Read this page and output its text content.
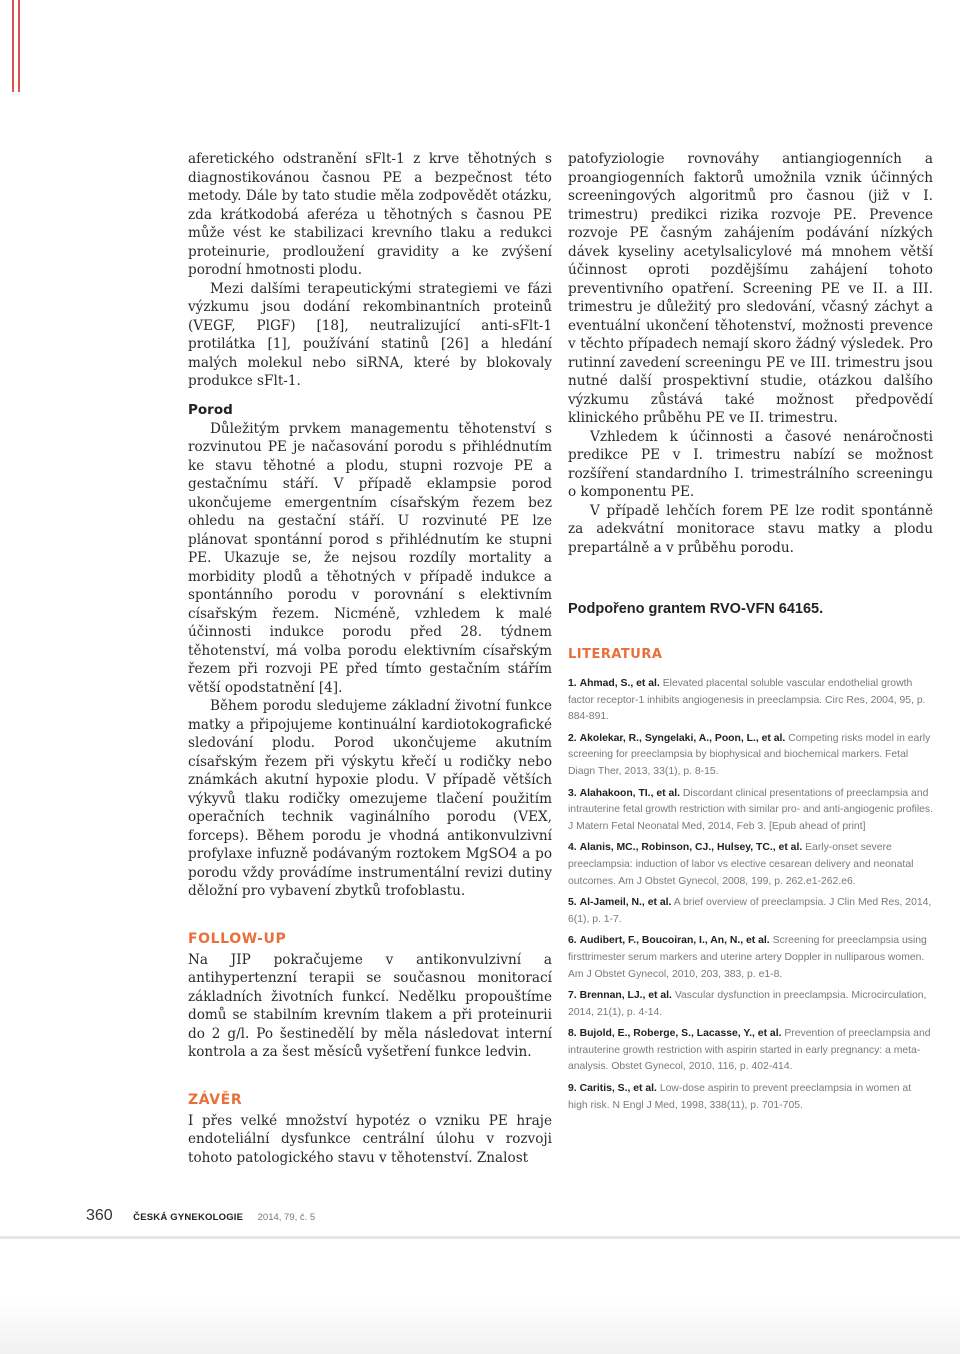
aferetického odstranění sFlt-1 z krve těhotných s diagnostikovánou časnou PE a bezpečnost této metody. Dále by tato studie měla zodpovědět otázku, zda krátkodobá aferéza u těhotných s časnou PE může vést ke stabilizaci krevního tlaku a redukci proteinurie, prodloužení gravidity a ke zvýšení porodní hmotnosti plodu.

Mezi dalšími terapeutickými strategiemi ve fázi výzkumu jsou dodání rekombinantních proteinů (VEGF, PlGF) [18], neutralizující anti-sFlt-1 protilátka [1], používání statinů [26] a hledání malých molekul nebo siRNA, které by blokovaly produkce sFlt-1.

Porod

Důležitým prvkem managementu těhotenství s rozvinutou PE je načasování porodu s přihlédnutím ke stavu těhotné a plodu, stupni rozvoje PE a gestačnímu stáří. V případě eklampsie porod ukončujeme emergentním císařským řezem bez ohledu na gestační stáří. U rozvinuté PE lze plánovat spontánní porod s přihlédnutím ke stupni PE. Ukazuje se, že nejsou rozdíly mortality a morbidity plodů a těhotných v případě indukce a spontánního porodu v porovnání s elektivním císařským řezem. Nicméně, vzhledem k malé účinnosti indukce porodu před 28. týdnem těhotenství, má volba porodu elektivním císařským řezem při rozvoji PE před tímto gestačním stářím větší opodstatnění [4].

Během porodu sledujeme základní životní funkce matky a připojujeme kontinuální kardiotokografické sledování plodu. Porod ukončujeme akutním císařským řezem při výskytu křečí u rodičky nebo známkách akutní hypoxie plodu. V případě větších výkyvů tlaku rodičky omezujeme tlačení použitím operačních technik vaginálního porodu (VEX, forceps). Během porodu je vhodná antikonvulzivní profylaxe infuzně podávaným roztokem MgSO4 a po porodu vždy provádíme instrumentální revizi dutiny děložní pro vybavení zbytků trofoblastu.

FOLLOW-UP

Na JIP pokračujeme v antikonvulzivní a antihypertenzní terapii se současnou monitorací základních životních funkcí. Nedělku propouštíme domů se stabilním krevním tlakem a při proteinurii do 2 g/l. Po šestinedělí by měla následovat interní kontrola a za šest měsíců vyšetření funkce ledvin.

ZÁVĚR

I přes velké množství hypotéz o vzniku PE hraje endoteliální dysfunkce centrální úlohu v rozvoji tohoto patologického stavu v těhotenství. Znalost

patofyziologie rovnováhy antiangiogenních a proangiogenních faktorů umožnila vznik účinných screeningových algoritmů pro časnou (již v I. trimestru) predikci rizika rozvoje PE. Prevence rozvoje PE časným zahájením podávání nízkých dávek kyseliny acetylsalicylové má mnohem větší účinnost oproti pozdějšímu zahájení tohoto preventivního opatření. Screening PE ve II. a III. trimestru je důležitý pro sledování, včasný záchyt a eventuální ukončení těhotenství, možnosti prevence v těchto případech nemají skoro žádný výsledek. Pro rutinní zavedení screeningu PE ve III. trimestru jsou nutné další prospektivní studie, otázkou dalšího výzkumu zůstává také možnost předpovědí klinického průběhu PE ve II. trimestru.

Vzhledem k účinnosti a časové nenáročnosti predikce PE v I. trimestru nabízí se možnost rozšíření standardního I. trimestrálního screeningu o komponentu PE.

V případě lehčích forem PE lze rodit spontánně za adekvátní monitorace stavu matky a plodu prepartálně a v průběhu porodu.

Podpořeno grantem RVO-VFN 64165.
LITERATURA

1. Ahmad, S., et al. Elevated placental soluble vascular endothelial growth factor receptor-1 inhibits angiogenesis in preeclampsia. Circ Res, 2004, 95, p. 884-891.

2. Akolekar, R., Syngelaki, A., Poon, L., et al. Competing risks model in early screening for preeclampsia by biophysical and biochemical markers. Fetal Diagn Ther, 2013, 33(1), p. 8-15.

3. Alahakoon, TI., et al. Discordant clinical presentations of preeclampsia and intrauterine fetal growth restriction with similar pro- and anti-angiogenic profiles. J Matern Fetal Neonatal Med, 2014, Feb 3. [Epub ahead of print]

4. Alanis, MC., Robinson, CJ., Hulsey, TC., et al. Early-onset severe preeclampsia: induction of labor vs elective cesarean delivery and neonatal outcomes. Am J Obstet Gynecol, 2008, 199, p. 262.e1-262.e6.

5. Al-Jameil, N., et al. A brief overview of preeclampsia. J Clin Med Res, 2014, 6(1), p. 1-7.

6. Audibert, F., Boucoiran, I., An, N., et al. Screening for preeclampsia using firsttrimester serum markers and uterine artery Doppler in nulliparous women. Am J Obstet Gynecol, 2010, 203, 383, p. e1-8.

7. Brennan, LJ., et al. Vascular dysfunction in preeclampsia. Microcirculation, 2014, 21(1), p. 4-14.

8. Bujold, E., Roberge, S., Lacasse, Y., et al. Prevention of preeclampsia and intrauterine growth restriction with aspirin started in early pregnancy: a meta-analysis. Obstet Gynecol, 2010, 116, p. 402-414.

9. Caritis, S., et al. Low-dose aspirin to prevent preeclampsia in women at high risk. N Engl J Med, 1998, 338(11), p. 701-705.

360 ČESKÁ GYNEKOLOGIE 2014, 79, č. 5
